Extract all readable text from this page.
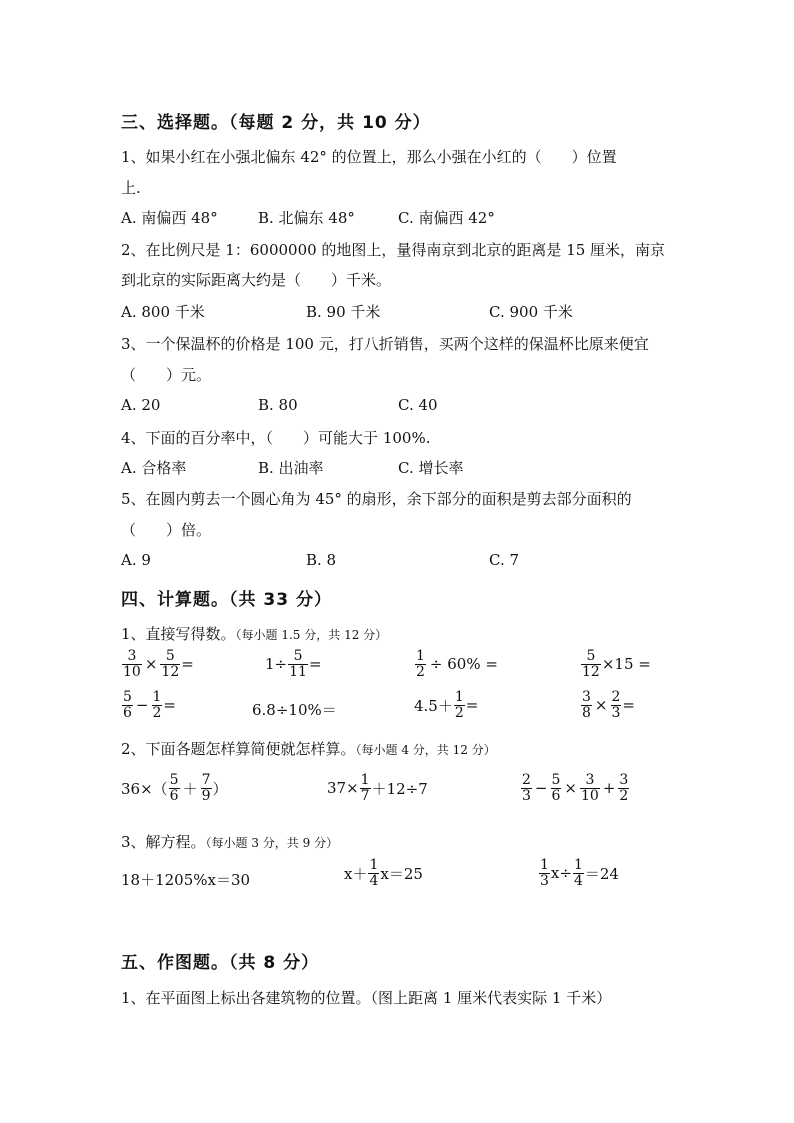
三、选择题。（每题 2 分，共 10 分）
1、如果小红在小强北偏东 42° 的位置上，那么小强在小红的（　　）位置
上.
A. 南偏西 48°	B. 北偏东 48°	C. 南偏西 42°
2、在比例尺是 1：6000000 的地图上，量得南京到北京的距离是 15 厘米，南京
到北京的实际距离大约是（　　）千米。
A. 800 千米	B. 90 千米	C. 900 千米
3、一个保温杯的价格是 100 元，打八折销售，买两个这样的保温杯比原来便宜
（　　）元。
A. 20	B. 80	C. 40
4、下面的百分率中，（　　）可能大于 100%.
A. 合格率	B. 出油率	C. 增长率
5、在圆内剪去一个圆心角为 45° 的扇形，余下部分的面积是剪去部分面积的
（　　）倍。
A. 9	B. 8	C. 7
四、计算题。（共 33 分）
1、直接写得数。（每小题 1.5 分，共 12 分）
$\frac{3}{10} \times \frac{5}{12}$ =	$1\div \frac{5}{11}$ =	$\frac{1}{2} \div 60\%$ =	$\frac{5}{12} \times 15$ =
$\frac{5}{6} - \frac{1}{2}$ =	6.8÷10%＝	$4.5+ \frac{1}{2}$ =	$\frac{3}{8} \times \frac{2}{3}$ =
2、下面各题怎样算简便就怎样算。（每小题 4 分，共 12 分）
$36\times( \frac{5}{6} + \frac{7}{9}$ ）	$37\times \frac{1}{7} +12\div 7$	$\frac{2}{3} - \frac{5}{6} \times \frac{3}{10} + \frac{3}{2}$
3、解方程。（每小题 3 分，共 9 分）
18＋1205%x＝30	$x+ \frac{1}{4} x=25$	$\frac{1}{3} x\div \frac{1}{4} =24$
五、作图题。（共 8 分）
1、在平面图上标出各建筑物的位置。（图上距离 1 厘米代表实际 1 千米）
